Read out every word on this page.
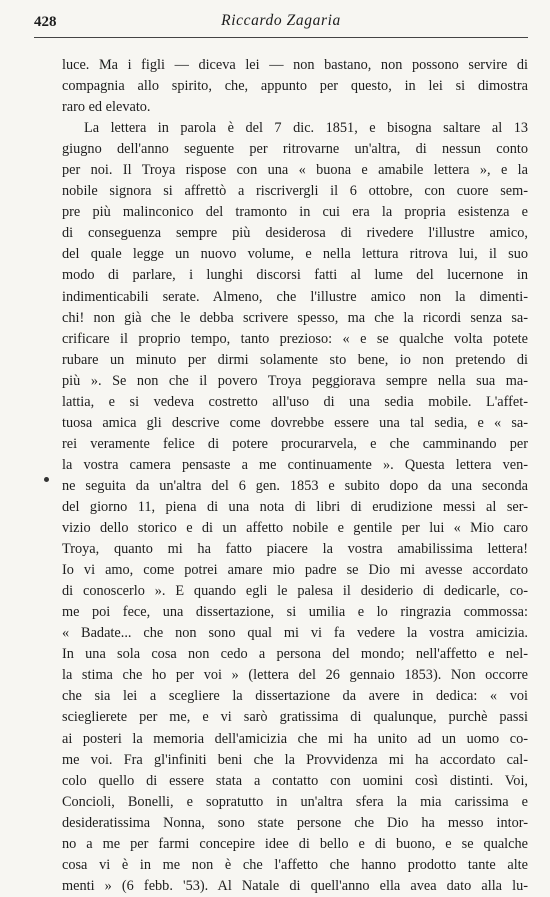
428	Riccardo Zagaria
luce. Ma i figli — diceva lei — non bastano, non possono servire di
compagnia allo spirito, che, appunto per questo, in lei si dimostra
raro ed elevato.
La lettera in parola è del 7 dic. 1851, e bisogna saltare al 13
giugno dell'anno seguente per ritrovarne un'altra, di nessun conto
per noi. Il Troya rispose con una « buona e amabile lettera », e la
nobile signora si affrettò a riscrivergli il 6 ottobre, con cuore sem-
pre più malinconico del tramonto in cui era la propria esistenza e
di conseguenza sempre più desiderosa di rivedere l'illustre amico,
del quale legge un nuovo volume, e nella lettura ritrova lui, il suo
modo di parlare, i lunghi discorsi fatti al lume del lucernone in
indimenticabili serate. Almeno, che l'illustre amico non la dimenti-
chi! non già che le debba scrivere spesso, ma che la ricordi senza sa-
crificare il proprio tempo, tanto prezioso: « e se qualche volta potete
rubare un minuto per dirmi solamente sto bene, io non pretendo di
più ». Se non che il povero Troya peggiorava sempre nella sua ma-
lattia, e si vedeva costretto all'uso di una sedia mobile. L'affet-
tuosa amica gli descrive come dovrebbe essere una tal sedia, e « sa-
rei veramente felice di potere procurarvela, e che camminando per
la vostra camera pensaste a me continuamente ». Questa lettera ven-
ne seguita da un'altra del 6 gen. 1853 e subito dopo da una seconda
del giorno 11, piena di una nota di libri di erudizione messi al ser-
vizio dello storico e di un affetto nobile e gentile per lui « Mio caro
Troya, quanto mi ha fatto piacere la vostra amabilissima lettera!
Io vi amo, come potrei amare mio padre se Dio mi avesse accordato
di conoscerlo ». E quando egli le palesa il desiderio di dedicarle, co-
me poi fece, una dissertazione, si umilia e lo ringrazia commossa:
« Badate... che non sono qual mi vi fa vedere la vostra amicizia.
In una sola cosa non cedo a persona del mondo; nell'affetto e nel-
la stima che ho per voi » (lettera del 26 gennaio 1853). Non occorre
che sia lei a scegliere la dissertazione da avere in dedica: « voi
scieglierete per me, e vi sarò gratissima di qualunque, purchè passi
ai posteri la memoria dell'amicizia che mi ha unito ad un uomo co-
me voi. Fra gl'infiniti beni che la Provvidenza mi ha accordato cal-
colo quello di essere stata a contatto con uomini così distinti. Voi,
Concioli, Bonelli, e sopratutto in un'altra sfera la mia carissima e
desideratissima Nonna, sono state persone che Dio ha messo intor-
no a me per farmi concepire idee di bello e di buono, e se qualche
cosa vi è in me non è che l'affetto che hanno prodotto tante alte
menti » (6 febb. '53). Al Natale di quell'anno ella avea dato alla lu-
